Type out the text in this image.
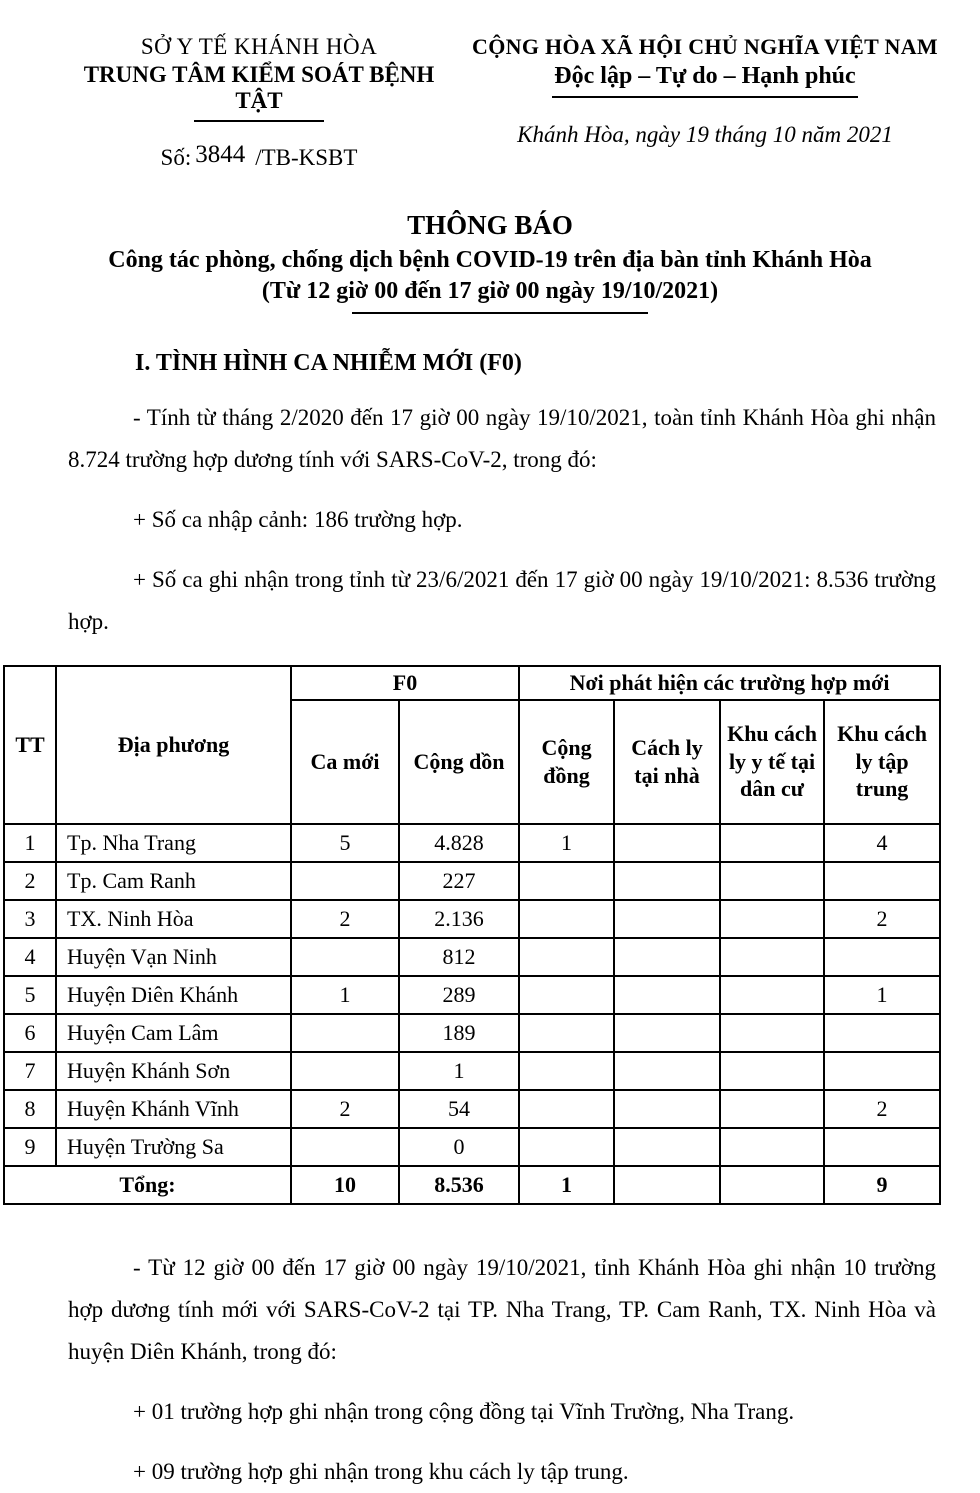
SỞ Y TẾ KHÁNH HÒA
TRUNG TÂM KIỂM SOÁT BỆNH TẬT
Số: 3844 /TB-KSBT
CỘNG HÒA XÃ HỘI CHỦ NGHĨA VIỆT NAM
Độc lập – Tự do – Hạnh phúc
Khánh Hòa, ngày 19 tháng 10 năm 2021
THÔNG BÁO
Công tác phòng, chống dịch bệnh COVID-19 trên địa bàn tỉnh Khánh Hòa
(Từ 12 giờ 00 đến 17 giờ 00 ngày 19/10/2021)
I. TÌNH HÌNH CA NHIỄM MỚI (F0)

- Tính từ tháng 2/2020 đến 17 giờ 00 ngày 19/10/2021, toàn tỉnh Khánh Hòa ghi nhận 8.724 trường hợp dương tính với SARS-CoV-2, trong đó:

+ Số ca nhập cảnh: 186 trường hợp.

+ Số ca ghi nhận trong tỉnh từ 23/6/2021 đến 17 giờ 00 ngày 19/10/2021: 8.536 trường hợp.

TT	Địa phương	F0		Nơi phát hiện các trường hợp mới			
		Ca mới	Cộng dồn	Cộng đồng	Cách ly tại nhà	Khu cách ly y tế tại dân cư	Khu cách ly tập trung
1	Tp. Nha Trang	5	4.828	1			4
2	Tp. Cam Ranh		227				
3	TX. Ninh Hòa	2	2.136				2
4	Huyện Vạn Ninh		812				
5	Huyện Diên Khánh	1	289				1
6	Huyện Cam Lâm		189				
7	Huyện Khánh Sơn		1				
8	Huyện Khánh Vĩnh	2	54				2
9	Huyện Trường Sa		0				
Tổng:		10	8.536	1			9

- Từ 12 giờ 00 đến 17 giờ 00 ngày 19/10/2021, tỉnh Khánh Hòa ghi nhận 10 trường hợp dương tính mới với SARS-CoV-2 tại TP. Nha Trang, TP. Cam Ranh, TX. Ninh Hòa và huyện Diên Khánh, trong đó:

+ 01 trường hợp ghi nhận trong cộng đồng tại Vĩnh Trường, Nha Trang.

+ 09 trường hợp ghi nhận trong khu cách ly tập trung.
